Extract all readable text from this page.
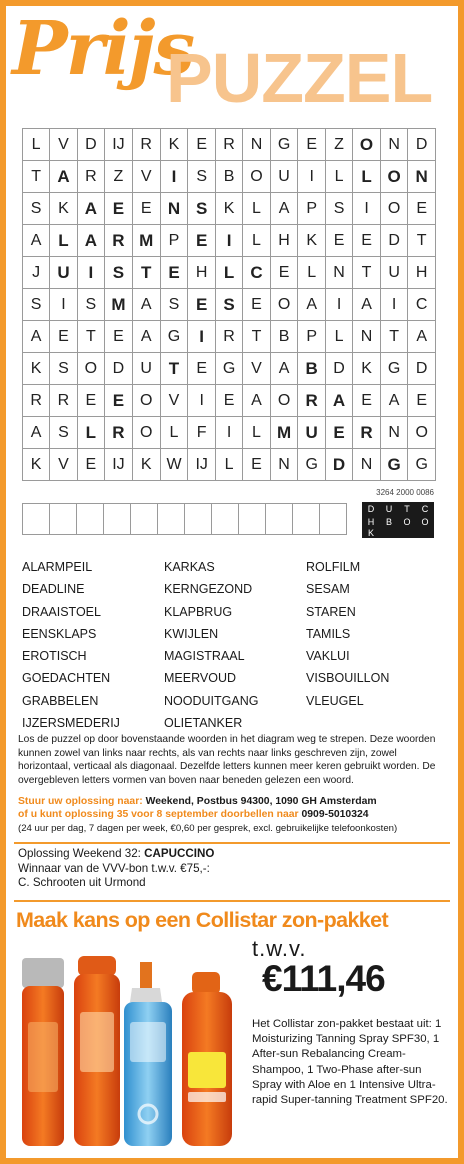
Prijs
PUZZEL
L	V	D	IJ	R	K	E	R	N	G	E	Z	O	N	D
T	A	R	Z	V	I	S	B	O	U	I	L	L	O	N
S	K	A	E	E	N	S	K	L	A	P	S	I	O	E
A	L	A	R	M	P	E	I	L	H	K	E	E	D	T
J	U	I	S	T	E	H	L	C	E	L	N	T	U	H
S	I	S	M	A	S	E	S	E	O	A	I	A	I	C
A	E	T	E	A	G	I	R	T	B	P	L	N	T	A
K	S	O	D	U	T	E	G	V	A	B	D	K	G	D
R	R	E	E	O	V	I	E	A	O	R	A	E	A	E
A	S	L	R	O	L	F	I	L	M	U	E	R	N	O
K	V	E	IJ	K	W	IJ	L	E	N	G	D	N	G	G
3264 2000 0086
D	U	T	C
H	B	O	O
K
ALARMPEIL	KARKAS	ROLFILM
DEADLINE	KERNGEZOND	SESAM
DRAAISTOEL	KLAPBRUG	STAREN
EENSKLAPS	KWIJLEN	TAMILS
EROTISCH	MAGISTRAAL	VAKLUI
GOEDACHTEN	MEERVOUD	VISBOUILLON
GRABBELEN	NOODUITGANG	VLEUGEL
IJZERSMEDERIJ	OLIETANKER
Los de puzzel op door bovenstaande woorden in het diagram weg te strepen. Deze woorden kunnen zowel van links naar rechts, als van rechts naar links geschreven zijn, zowel horizontaal, verticaal als diagonaal. Dezelfde letters kunnen meer keren gebruikt worden. De overgebleven letters vormen van boven naar beneden gelezen een woord.
Stuur uw oplossing naar: Weekend, Postbus 94300, 1090 GH Amsterdam
of u kunt oplossing 35 voor 8 september doorbellen naar 0909-5010324
(24 uur per dag, 7 dagen per week, €0,60 per gesprek, excl. gebruikelijke telefoonkosten)
Oplossing Weekend 32: CAPUCCINO
Winnaar van de VVV-bon t.w.v. €75,-:
C. Schrooten uit Urmond
Maak kans op een Collistar zon-pakket
t.w.v.
€111,46
Het Collistar zon-pakket bestaat uit: 1 Moisturizing Tanning Spray SPF30, 1 After-sun Rebalancing Cream-Shampoo, 1 Two-Phase after-sun Spray with Aloe en 1 Intensive Ultra-rapid Super-tanning Treatment SPF20.
